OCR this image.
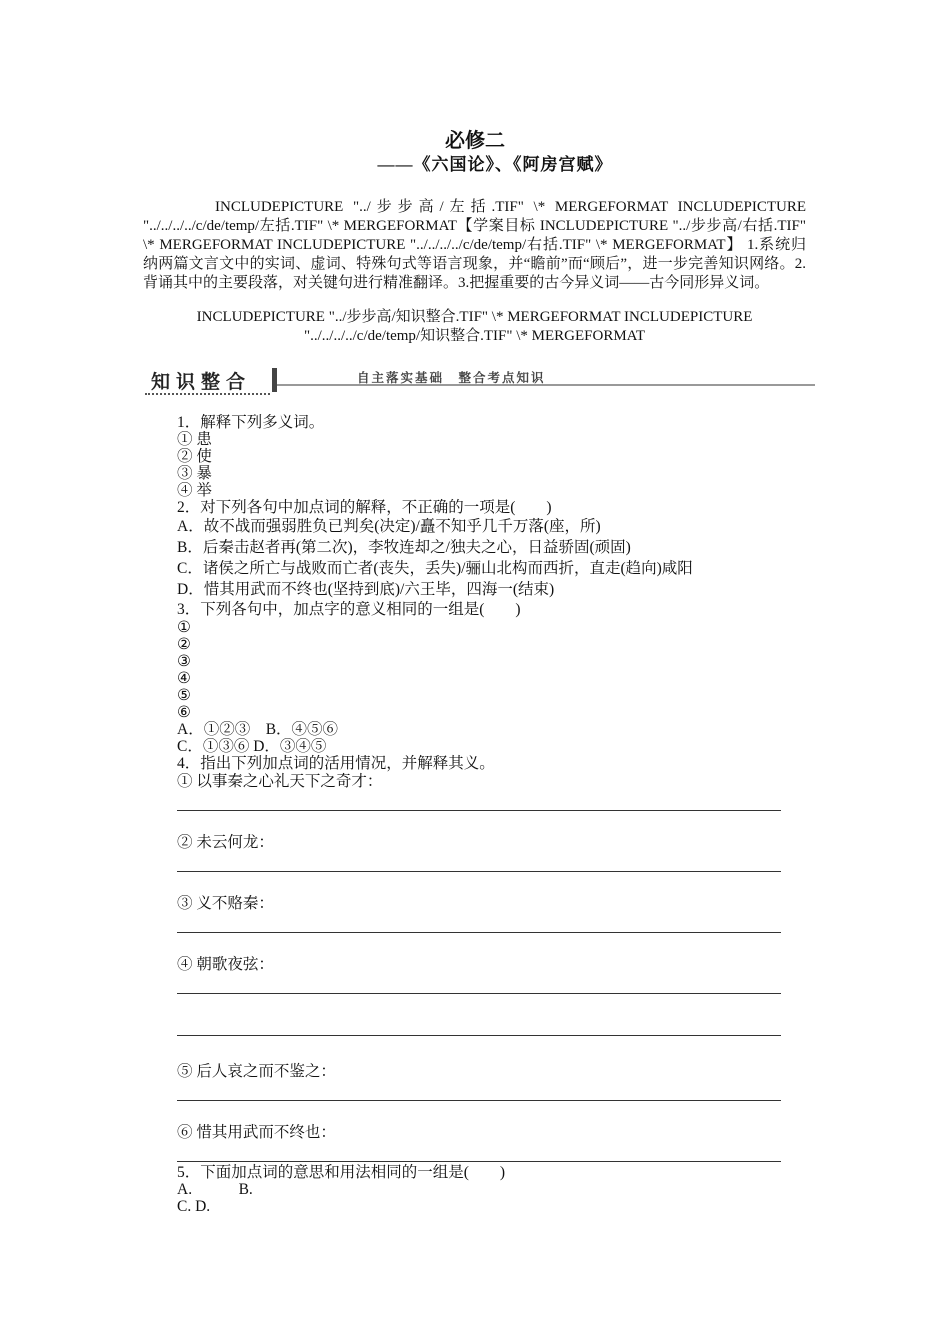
必修二
——《六国论》、《阿房宫赋》

INCLUDEPICTURE "../步步高/左括.TIF" \* MERGEFORMAT INCLUDEPICTURE "../../../../c/de/temp/左括.TIF" \* MERGEFORMAT【学案目标 INCLUDEPICTURE "../步步高/右括.TIF" \* MERGEFORMAT INCLUDEPICTURE "../../../../c/de/temp/右括.TIF" \* MERGEFORMAT】 1.系统归纳两篇文言文中的实词、虚词、特殊句式等语言现象，并“瞻前”而“顾后”，进一步完善知识网络。2.背诵其中的主要段落，对关键句进行精准翻译。3.把握重要的古今异义词——古今同形异义词。

INCLUDEPICTURE "../步步高/知识整合.TIF" \* MERGEFORMAT INCLUDEPICTURE "../../../../c/de/temp/知识整合.TIF" \* MERGEFORMAT

知识整合	自主落实基础　整合考点知识
1．解释下列多义词。
① 患
② 使
③ 暴
④ 举
2．对下列各句中加点词的解释，不正确的一项是(　　)
A．故不战而强弱胜负已判矣(决定)/矗不知乎几千万落(座，所)
B．后秦击赵者再(第二次)，李牧连却之/独夫之心，日益骄固(顽固)
C．诸侯之所亡与战败而亡者(丧失，丢失)/骊山北构而西折，直走(趋向)咸阳
D．惜其用武而不终也(坚持到底)/六王毕，四海一(结束)
3．下列各句中，加点字的意义相同的一组是(　　)
①
②
③
④
⑤
⑥
A．①②③　B．④⑤⑥
C．①③⑥ D．③④⑤
4．指出下列加点词的活用情况，并解释其义。
① 以事秦之心礼天下之奇才：
② 未云何龙：
③ 义不赂秦：
④ 朝歌夜弦：
⑤ 后人哀之而不鉴之：
⑥ 惜其用武而不终也：
5．下面加点词的意思和用法相同的一组是(　　)
A.　　　B.
C. D.
